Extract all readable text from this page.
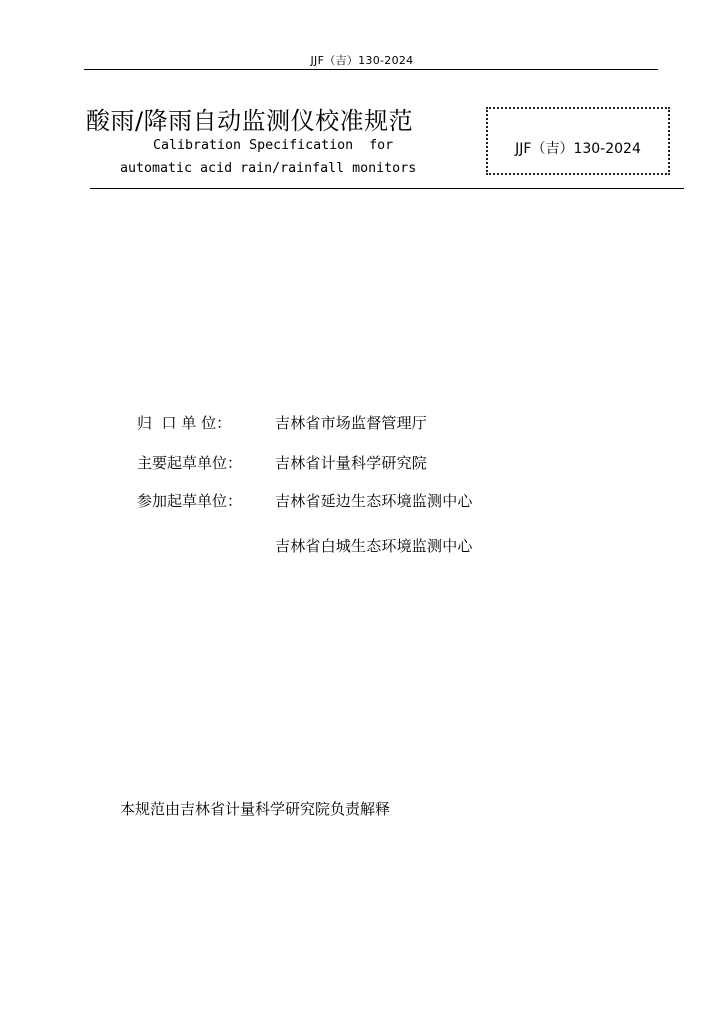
JJF（吉）130-2024
酸雨/降雨自动监测仪校准规范
Calibration Specification  for
automatic acid rain/rainfall monitors
JJF（吉）130-2024
归  口 单 位：	吉林省市场监督管理厅
主要起草单位： 吉林省计量科学研究院
参加起草单位： 吉林省延边生态环境监测中心
吉林省白城生态环境监测中心
本规范由吉林省计量科学研究院负责解释
